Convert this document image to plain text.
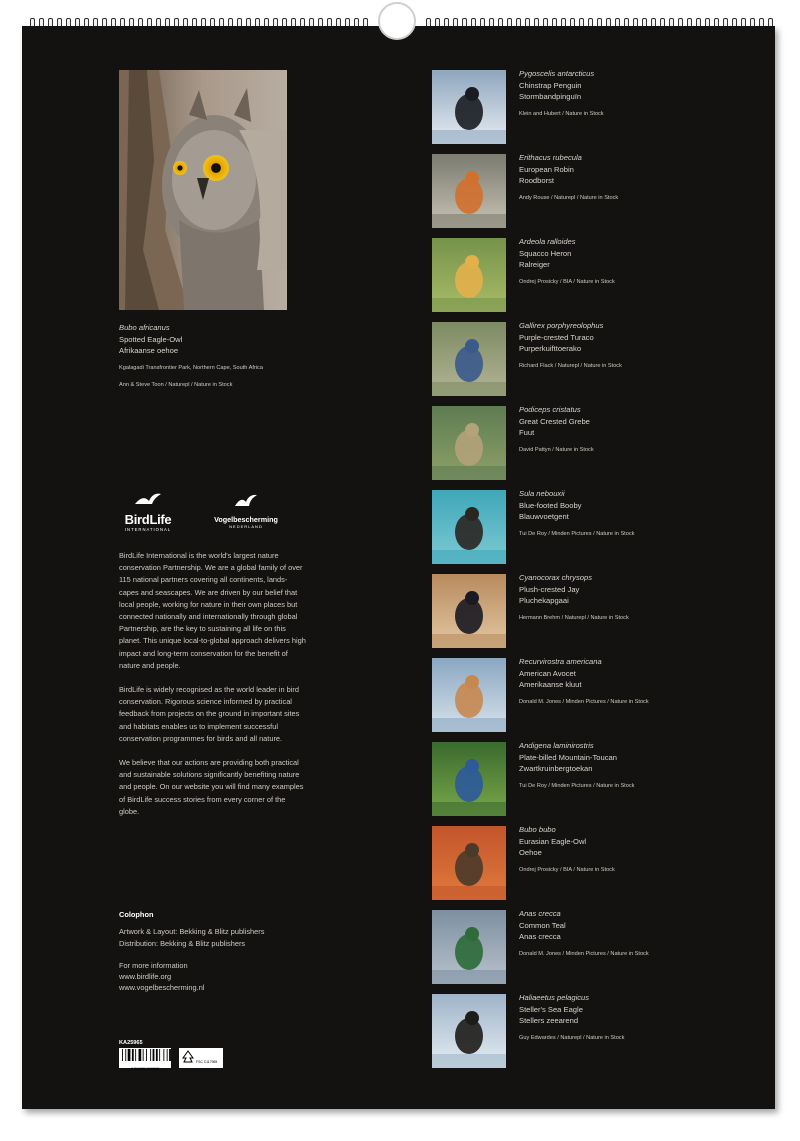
Bubo africanus
Spotted Eagle-Owl
Afrikaanse oehoe
Kgalagadi Transfrontier Park, Northern Cape, South Africa
Ann & Steve Toon / Naturepl / Nature in Stock
BirdLife
INTERNATIONAL
Vogelbescherming
NEDERLAND

BirdLife International is the world's largest nature conservation Partnership. We are a global family of over 115 national partners covering all continents, lands-capes and seascapes. We are driven by our belief that local people, working for nature in their own places but connected nationally and internationally through global Partnership, are the key to sustaining all life on this planet. This unique local-to-global approach delivers high impact and long-term conservation for the benefit of nature and people.

BirdLife is widely recognised as the world leader in bird conservation. Rigorous science informed by practical feedback from projects on the ground in important sites and habitats enables us to implement successful conservation programmes for birds and all nature.

We believe that our actions are providing both practical and sustainable solutions significantly benefiting nature and people. On our website you will find many examples of BirdLife success stories from every corner of the globe.

Colophon
Artwork & Layout: Bekking & Blitz publishers
Distribution: Bekking & Blitz publishers
For more information
www.birdlife.org
www.vogelbescherming.nl
KA25965
8 716951 360002
FSC C117965
Pygoscelis antarcticus
Chinstrap Penguin
Stormbandpinguïn
Klein and Hubert / Nature in Stock
Erithacus rubecula
European Robin
Roodborst
Andy Rouse / Naturepl / Nature in Stock
Ardeola ralloides
Squacco Heron
Ralreiger
Ondrej Prosicky / BIA / Nature in Stock
Gallirex porphyreolophus
Purple-crested Turaco
Purperkuifttoerako
Richard Flack / Naturepl / Nature in Stock
Podiceps cristatus
Great Crested Grebe
Fuut
David Pattyn / Nature in Stock
Sula nebouxii
Blue-footed Booby
Blauwvoetgent
Tui De Roy / Minden Pictures / Nature in Stock
Cyanocorax chrysops
Plush-crested Jay
Pluchekapgaai
Hermann Brehm / Naturepl / Nature in Stock
Recurvirostra americana
American Avocet
Amerikaanse kluut
Donald M. Jones / Minden Pictures / Nature in Stock
Andigena laminirostris
Plate-billed Mountain-Toucan
Zwartkruinbergtoekan
Tui De Roy / Minden Pictures / Nature in Stock
Bubo bubo
Eurasian Eagle-Owl
Oehoe
Ondrej Prosicky / BIA / Nature in Stock
Anas crecca
Common Teal
Anas crecca
Donald M. Jones / Minden Pictures / Nature in Stock
Haliaeetus pelagicus
Steller's Sea Eagle
Stellers zeearend
Guy Edwardes / Naturepl / Nature in Stock
